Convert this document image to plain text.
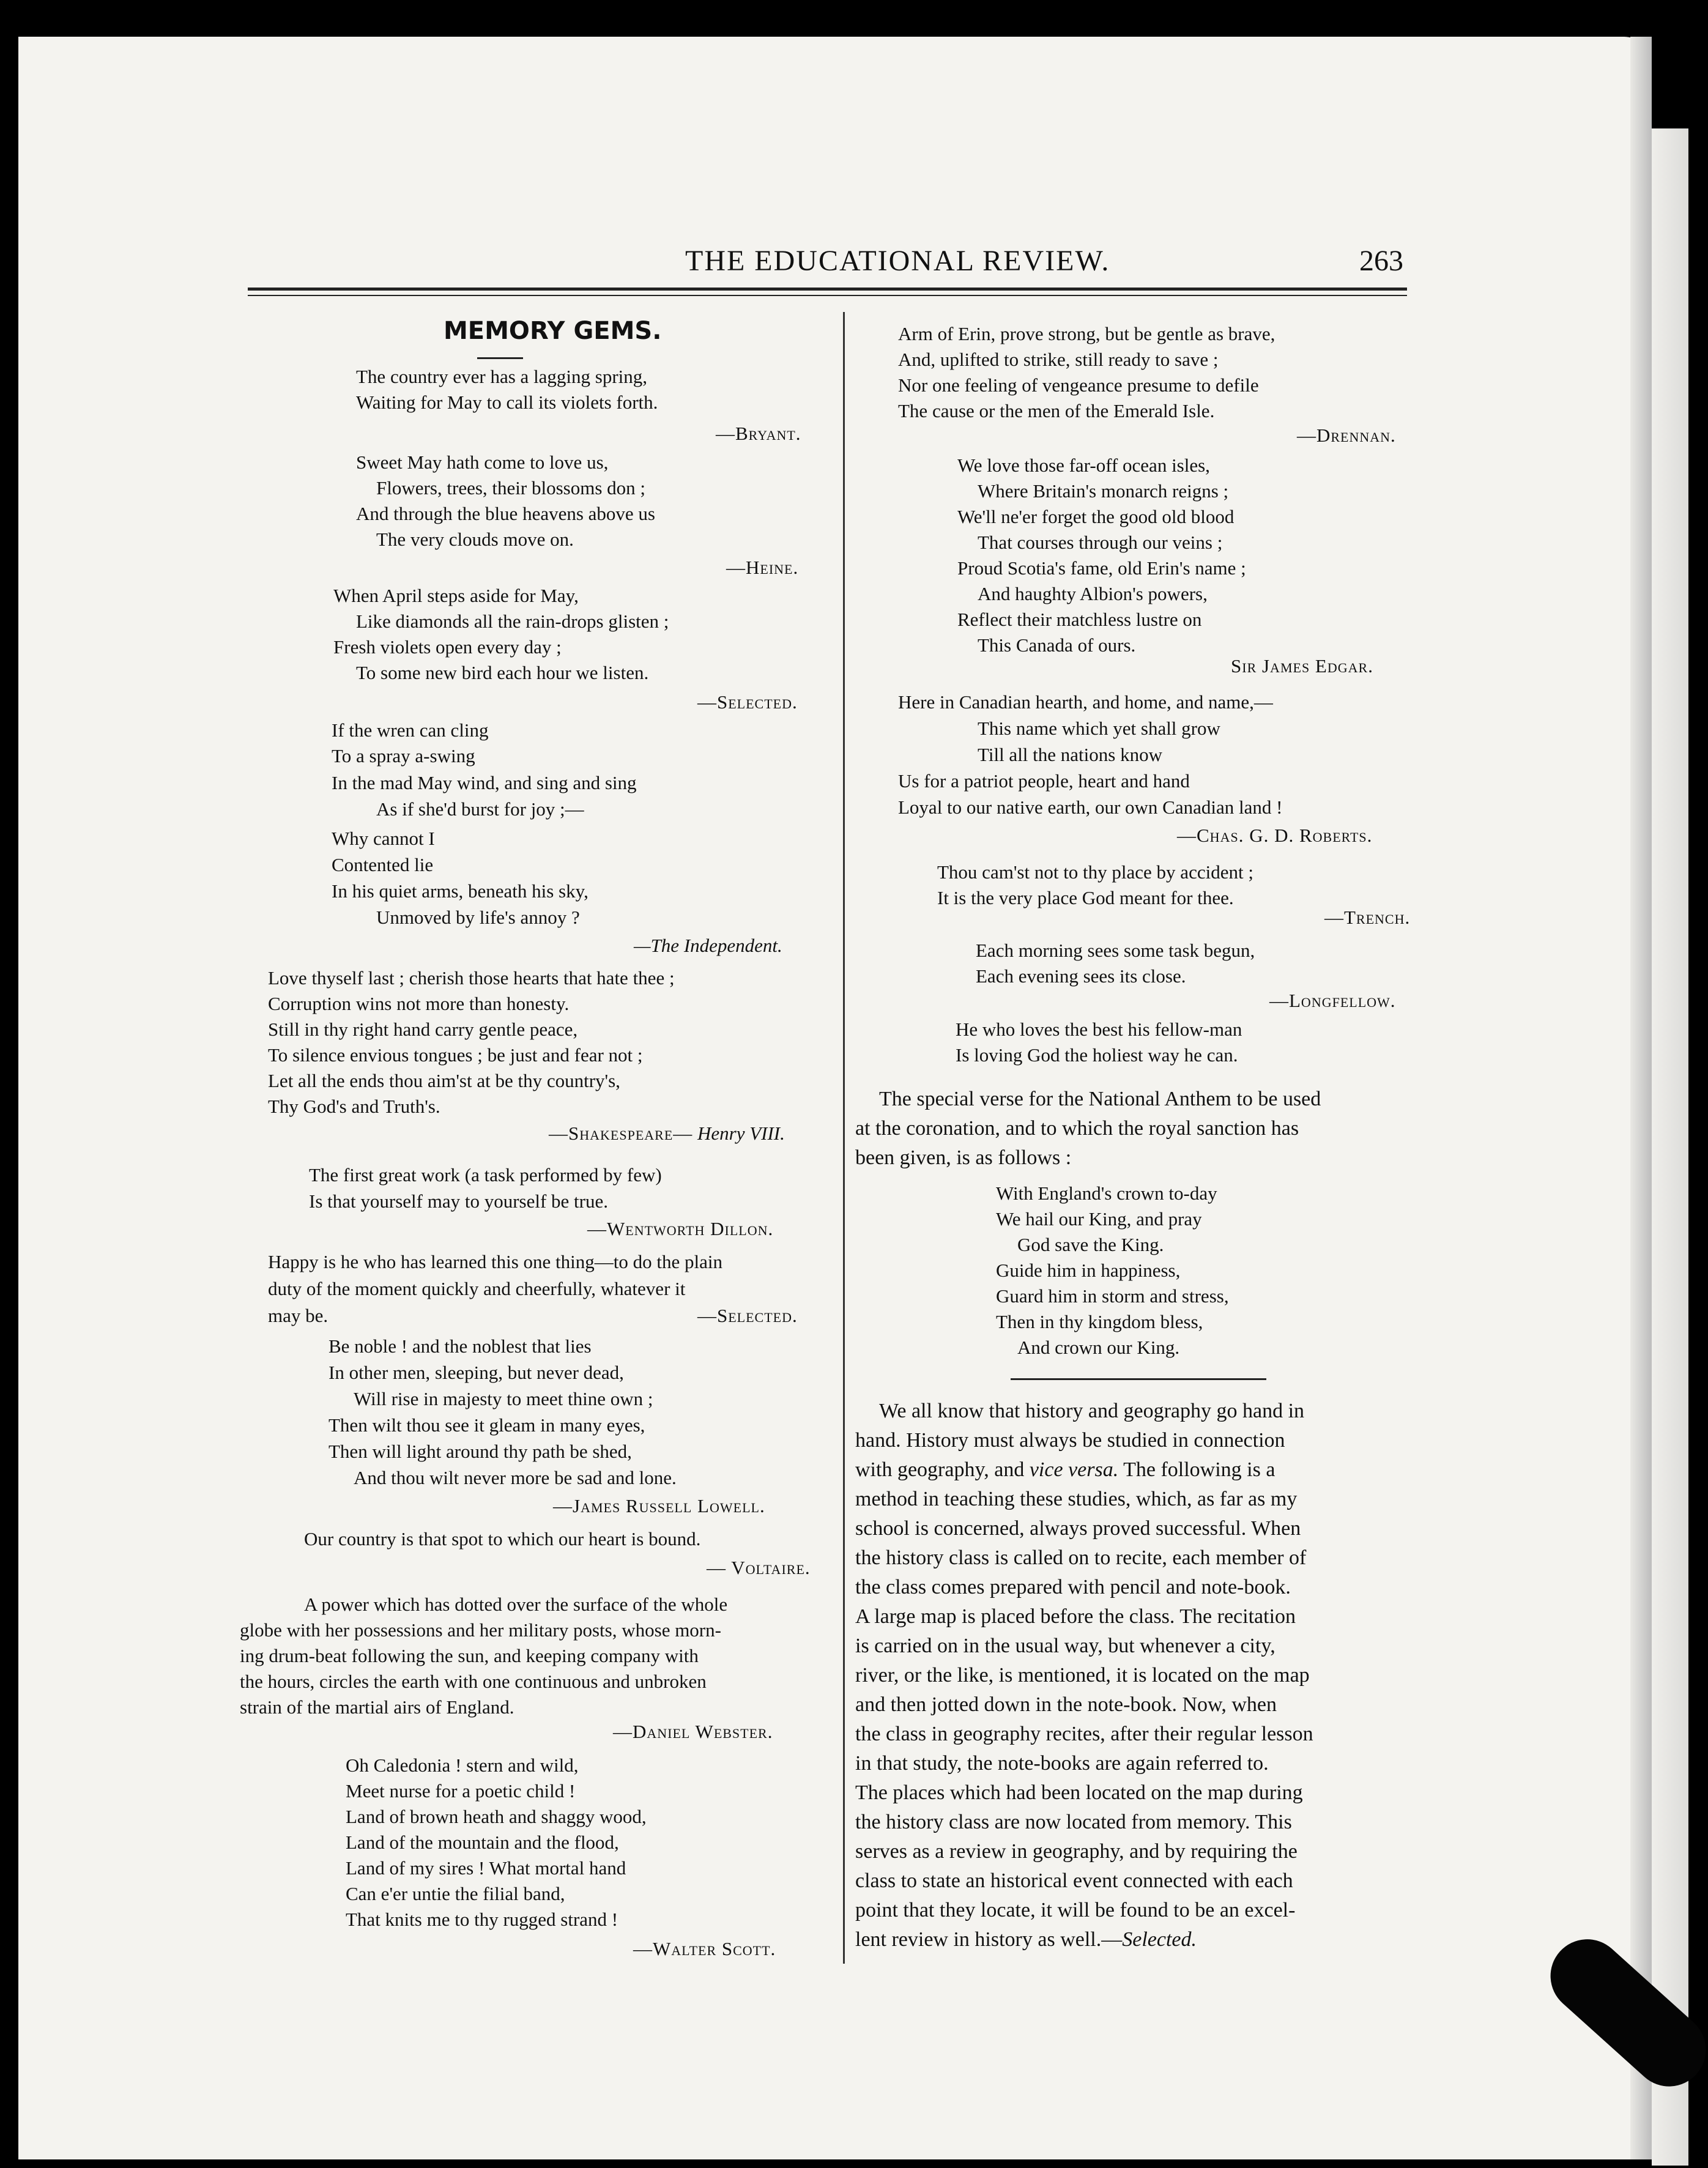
THE EDUCATIONAL REVIEW.	263
MEMORY GEMS.
The country ever has a lagging spring,
Waiting for May to call its violets forth.
—Bryant.
Sweet May hath come to love us,
Flowers, trees, their blossoms don ;
And through the blue heavens above us
The very clouds move on.
—Heine.
When April steps aside for May,
Like diamonds all the rain-drops glisten ;
Fresh violets open every day ;
To some new bird each hour we listen.
—Selected.
If the wren can cling
To a spray a-swing
In the mad May wind, and sing and sing
As if she'd burst for joy ;—
Why cannot I
Contented lie
In his quiet arms, beneath his sky,
Unmoved by life's annoy ?
—The Independent.
Love thyself last ; cherish those hearts that hate thee ;
Corruption wins not more than honesty.
Still in thy right hand carry gentle peace,
To silence envious tongues ; be just and fear not ;
Let all the ends thou aim'st at be thy country's,
Thy God's and Truth's.
—Shakespeare— Henry VIII.
The first great work (a task performed by few)
Is that yourself may to yourself be true.
—Wentworth Dillon.
Happy is he who has learned this one thing—to do the plain
duty of the moment quickly and cheerfully, whatever it
may be.	—Selected.
Be noble ! and the noblest that lies
In other men, sleeping, but never dead,
Will rise in majesty to meet thine own ;
Then wilt thou see it gleam in many eyes,
Then will light around thy path be shed,
And thou wilt never more be sad and lone.
—James Russell Lowell.
Our country is that spot to which our heart is bound.
— Voltaire.
A power which has dotted over the surface of the whole
globe with her possessions and her military posts, whose morn-
ing drum-beat following the sun, and keeping company with
the hours, circles the earth with one continuous and unbroken
strain of the martial airs of England.
—Daniel Webster.
Oh Caledonia ! stern and wild,
Meet nurse for a poetic child !
Land of brown heath and shaggy wood,
Land of the mountain and the flood,
Land of my sires ! What mortal hand
Can e'er untie the filial band,
That knits me to thy rugged strand !
—Walter Scott.
Arm of Erin, prove strong, but be gentle as brave,
And, uplifted to strike, still ready to save ;
Nor one feeling of vengeance presume to defile
The cause or the men of the Emerald Isle.
—Drennan.
We love those far-off ocean isles,
Where Britain's monarch reigns ;
We'll ne'er forget the good old blood
That courses through our veins ;
Proud Scotia's fame, old Erin's name ;
And haughty Albion's powers,
Reflect their matchless lustre on
This Canada of ours.
Sir James Edgar.
Here in Canadian hearth, and home, and name,—
This name which yet shall grow
Till all the nations know
Us for a patriot people, heart and hand
Loyal to our native earth, our own Canadian land !
—Chas. G. D. Roberts.
Thou cam'st not to thy place by accident ;
It is the very place God meant for thee.
—Trench.
Each morning sees some task begun,
Each evening sees its close.
—Longfellow.
He who loves the best his fellow-man
Is loving God the holiest way he can.
The special verse for the National Anthem to be used
at the coronation, and to which the royal sanction has
been given, is as follows :
With England's crown to-day
We hail our King, and pray
God save the King.
Guide him in happiness,
Guard him in storm and stress,
Then in thy kingdom bless,
And crown our King.
We all know that history and geography go hand in
hand. History must always be studied in connection
with geography, and vice versa. The following is a
method in teaching these studies, which, as far as my
school is concerned, always proved successful. When
the history class is called on to recite, each member of
the class comes prepared with pencil and note-book.
A large map is placed before the class. The recitation
is carried on in the usual way, but whenever a city,
river, or the like, is mentioned, it is located on the map
and then jotted down in the note-book. Now, when
the class in geography recites, after their regular lesson
in that study, the note-books are again referred to.
The places which had been located on the map during
the history class are now located from memory. This
serves as a review in geography, and by requiring the
class to state an historical event connected with each
point that they locate, it will be found to be an excel-
lent review in history as well.—Selected.
